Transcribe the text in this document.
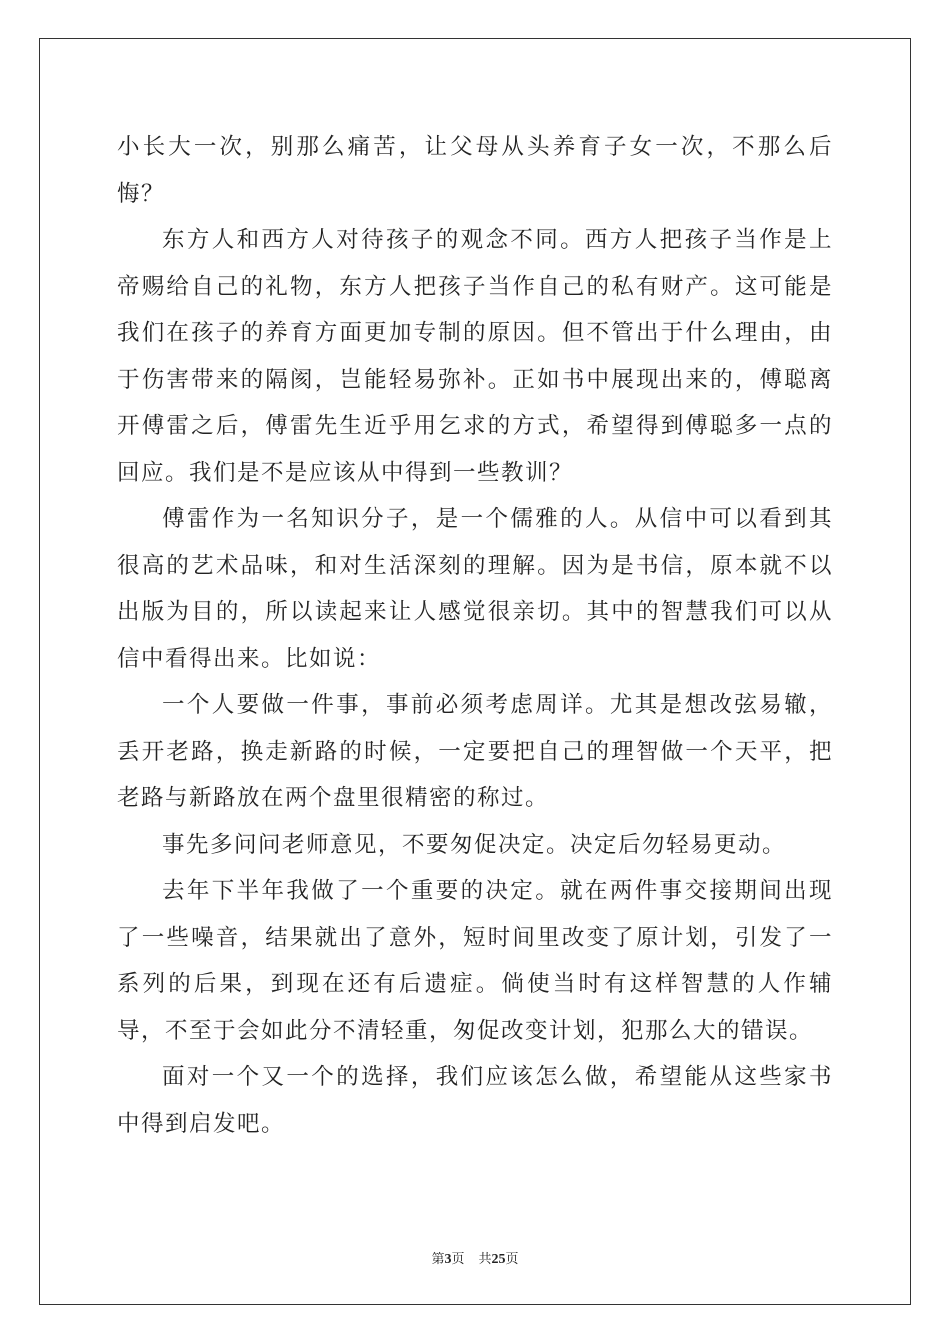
小长大一次，别那么痛苦，让父母从头养育子女一次，不那么后悔？

东方人和西方人对待孩子的观念不同。西方人把孩子当作是上帝赐给自己的礼物，东方人把孩子当作自己的私有财产。这可能是我们在孩子的养育方面更加专制的原因。但不管出于什么理由，由于伤害带来的隔阂，岂能轻易弥补。正如书中展现出来的，傅聪离开傅雷之后，傅雷先生近乎用乞求的方式，希望得到傅聪多一点的回应。我们是不是应该从中得到一些教训？

傅雷作为一名知识分子，是一个儒雅的人。从信中可以看到其很高的艺术品味，和对生活深刻的理解。因为是书信，原本就不以出版为目的，所以读起来让人感觉很亲切。其中的智慧我们可以从信中看得出来。比如说：

一个人要做一件事，事前必须考虑周详。尤其是想改弦易辙，丢开老路，换走新路的时候，一定要把自己的理智做一个天平，把老路与新路放在两个盘里很精密的称过。

事先多问问老师意见，不要匆促决定。决定后勿轻易更动。

去年下半年我做了一个重要的决定。就在两件事交接期间出现了一些噪音，结果就出了意外，短时间里改变了原计划，引发了一系列的后果，到现在还有后遗症。倘使当时有这样智慧的人作辅导，不至于会如此分不清轻重，匆促改变计划，犯那么大的错误。

面对一个又一个的选择，我们应该怎么做，希望能从这些家书中得到启发吧。

第3页 共25页
